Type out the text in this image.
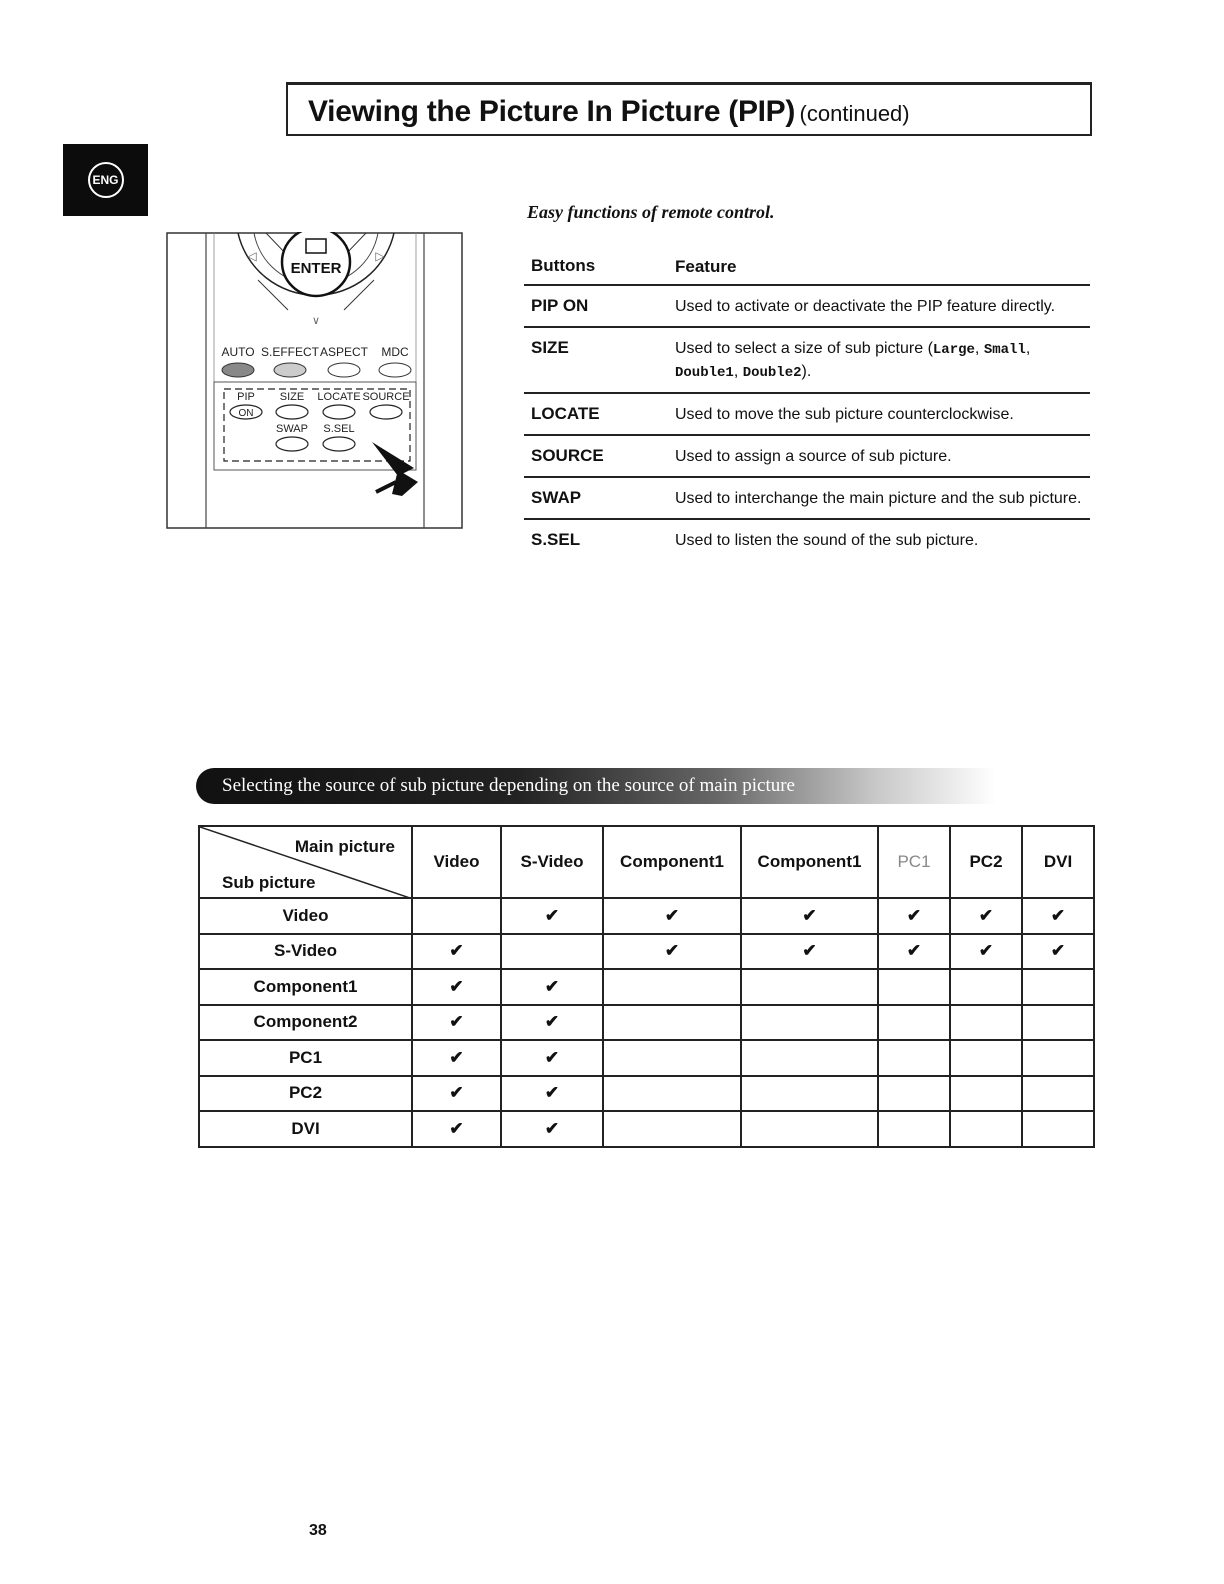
Viewing the Picture In Picture (PIP) (continued)
ENG
ENTER
∨
◁	▷
AUTO S.EFFECT ASPECT MDC
PIP SIZE LOCATE SOURCE
ON
SWAP S.SEL
Easy functions of remote control.
Buttons	Feature
PIP ON	Used to activate or deactivate the PIP feature directly.
SIZE	Used to select a size of sub picture (Large, Small,
Double1, Double2).
LOCATE	Used to move the sub picture counterclockwise.
SOURCE	Used to assign a source of sub picture.
SWAP	Used to interchange the main picture and the sub picture.
S.SEL	Used to listen the sound of the sub picture.
Selecting the source of sub picture depending on the source of main picture
Main picture
Sub picture	Video	S-Video	Component1	Component1	PC1	PC2	DVI
Video		✔	✔	✔	✔	✔	✔
S-Video	✔		✔	✔	✔	✔	✔
Component1	✔	✔					
Component2	✔	✔					
PC1	✔	✔					
PC2	✔	✔					
DVI	✔	✔					
38
